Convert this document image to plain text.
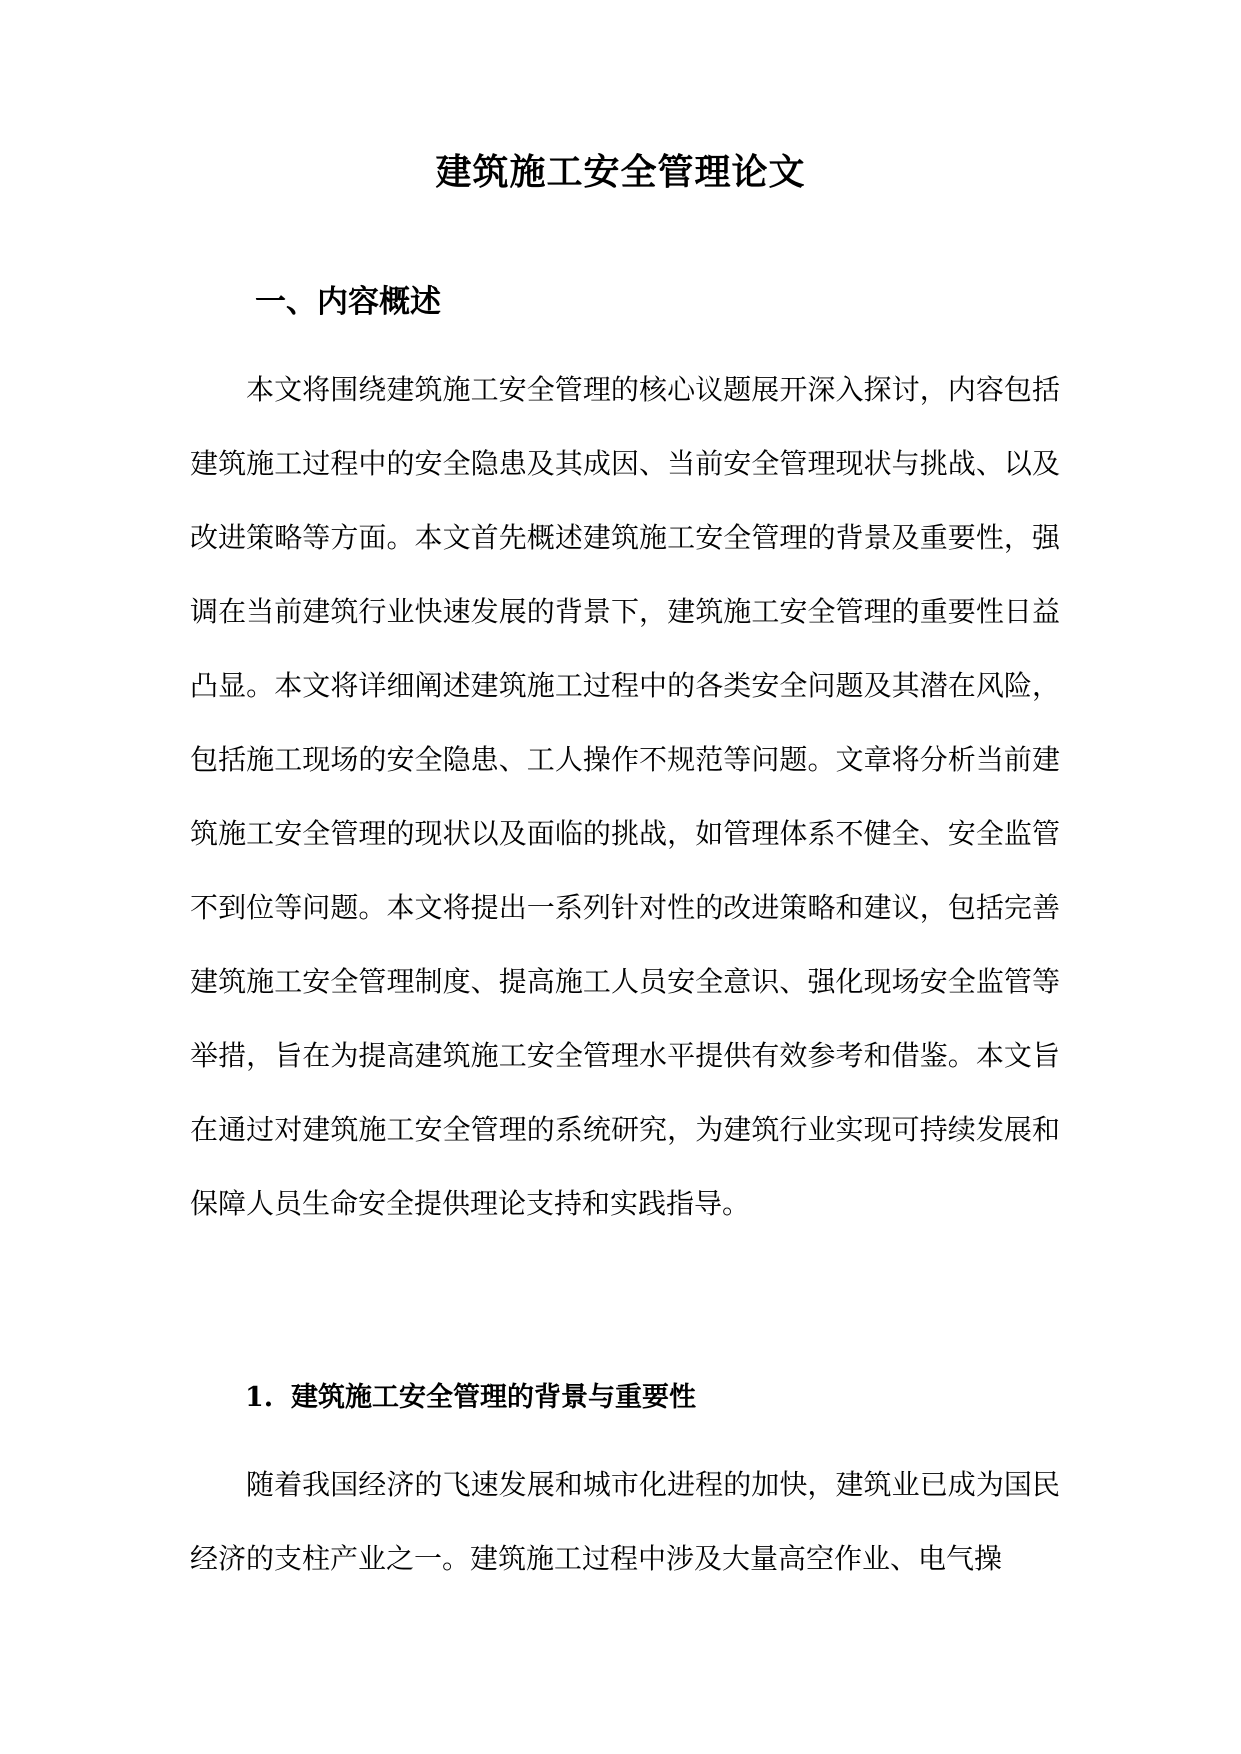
建筑施工安全管理论文
一、内容概述

本文将围绕建筑施工安全管理的核心议题展开深入探讨，内容包括建筑施工过程中的安全隐患及其成因、当前安全管理现状与挑战、以及改进策略等方面。本文首先概述建筑施工安全管理的背景及重要性，强调在当前建筑行业快速发展的背景下，建筑施工安全管理的重要性日益凸显。本文将详细阐述建筑施工过程中的各类安全问题及其潜在风险，包括施工现场的安全隐患、工人操作不规范等问题。文章将分析当前建筑施工安全管理的现状以及面临的挑战，如管理体系不健全、安全监管不到位等问题。本文将提出一系列针对性的改进策略和建议，包括完善建筑施工安全管理制度、提高施工人员安全意识、强化现场安全监管等举措，旨在为提高建筑施工安全管理水平提供有效参考和借鉴。本文旨在通过对建筑施工安全管理的系统研究，为建筑行业实现可持续发展和保障人员生命安全提供理论支持和实践指导。

1. 建筑施工安全管理的背景与重要性

随着我国经济的飞速发展和城市化进程的加快，建筑业已成为国民经济的支柱产业之一。建筑施工过程中涉及大量高空作业、电气操
